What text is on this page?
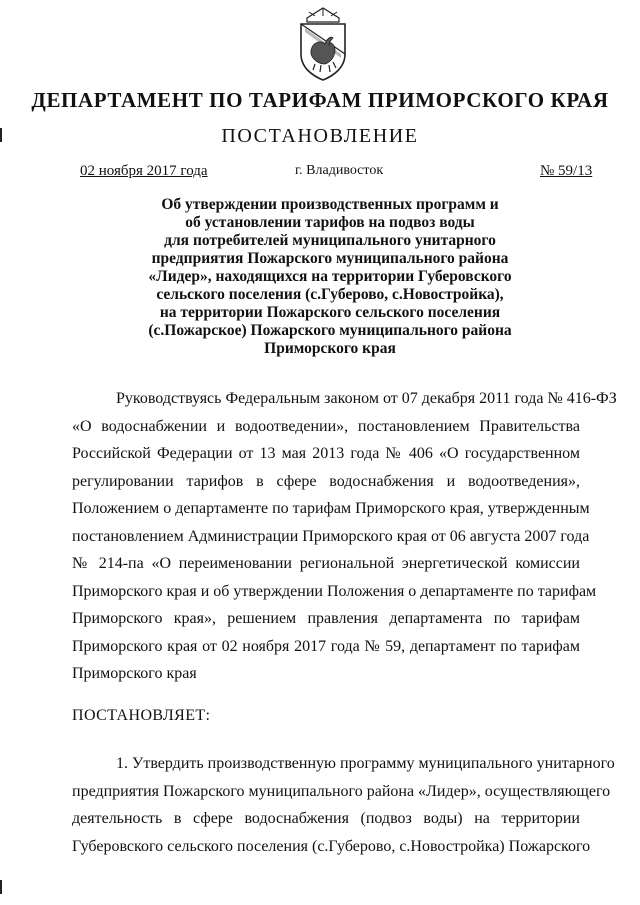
ДЕПАРТАМЕНТ ПО ТАРИФАМ ПРИМОРСКОГО КРАЯ
ПОСТАНОВЛЕНИЕ
02 ноября 2017 года	г. Владивосток	№ 59/13
Об утверждении производственных программ и
об установлении тарифов на подвоз воды
для потребителей муниципального унитарного
предприятия Пожарского муниципального района
«Лидер», находящихся на территории Губеровского
сельского поселения (с.Губерово, с.Новостройка),
на территории Пожарского сельского поселения
(с.Пожарское) Пожарского муниципального района
Приморского края
Руководствуясь Федеральным законом от 07 декабря 2011 года № 416-ФЗ
«О водоснабжении и водоотведении», постановлением Правительства
Российской Федерации от 13 мая 2013 года № 406 «О государственном
регулировании тарифов в сфере водоснабжения и водоотведения»,
Положением о департаменте по тарифам Приморского края, утвержденным
постановлением Администрации Приморского края от 06 августа 2007 года
№ 214-па «О переименовании региональной энергетической комиссии
Приморского края и об утверждении Положения о департаменте по тарифам
Приморского края», решением правления департамента по тарифам
Приморского края от 02 ноября 2017 года № 59, департамент по тарифам
Приморского края
ПОСТАНОВЛЯЕТ:
1. Утвердить производственную программу муниципального унитарного
предприятия Пожарского муниципального района «Лидер», осуществляющего
деятельность в сфере водоснабжения (подвоз воды) на территории
Губеровского сельского поселения (с.Губерово, с.Новостройка) Пожарского
